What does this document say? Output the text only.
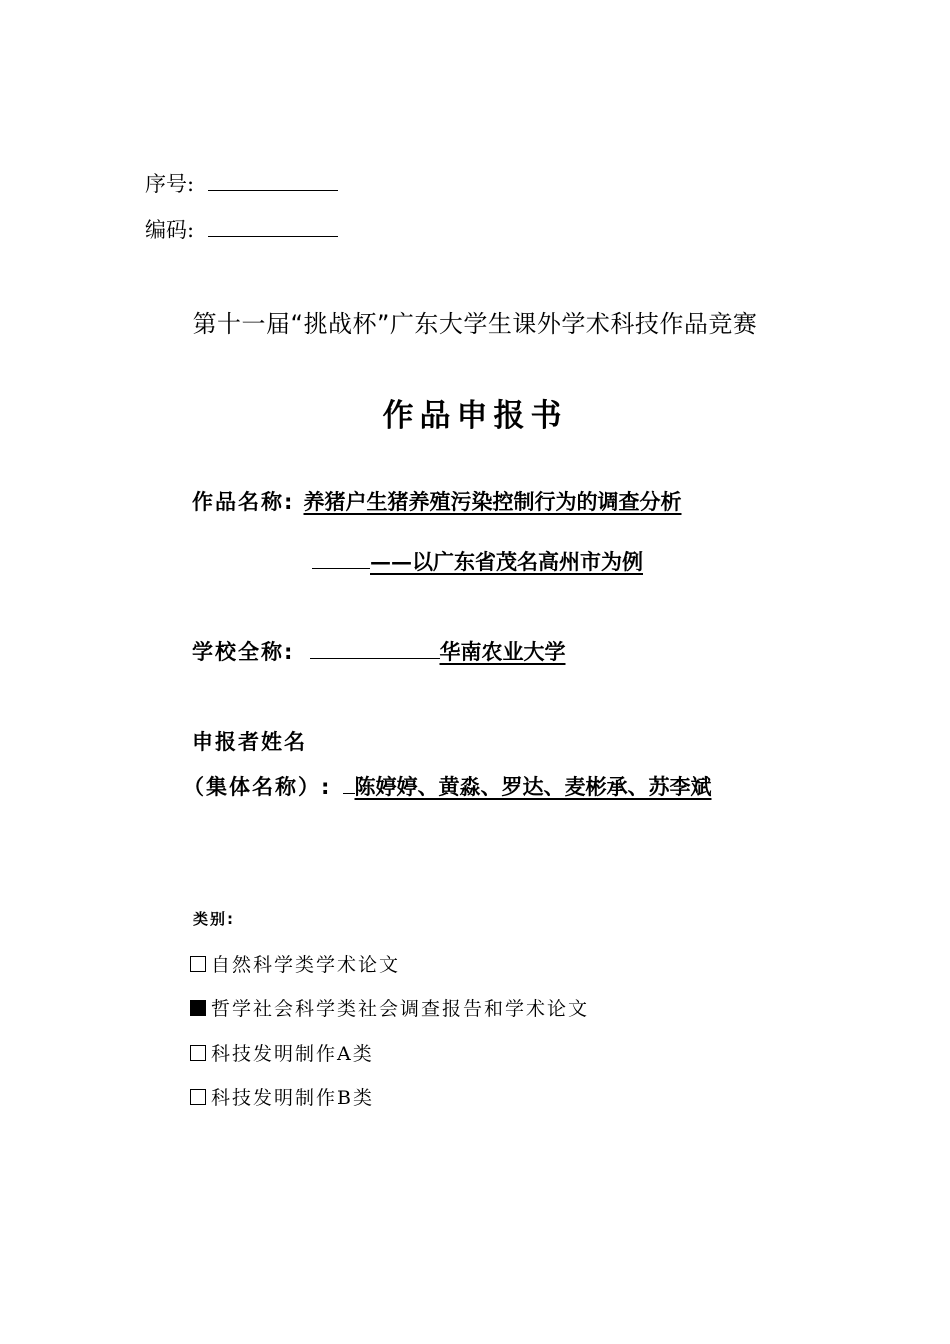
序号:
编码:
第十一届“挑战杯”广东大学生课外学术科技作品竞赛
作品申报书
作品名称: 养猪户生猪养殖污染控制行为的调查分析
——以广东省茂名高州市为例
学校全称:	华南农业大学
申报者姓名
（集体名称）: 陈婷婷、黄淼、罗达、麦彬承、苏李斌
类别:
自然科学类学术论文
哲学社会科学类社会调查报告和学术论文
科技发明制作A类
科技发明制作B类
